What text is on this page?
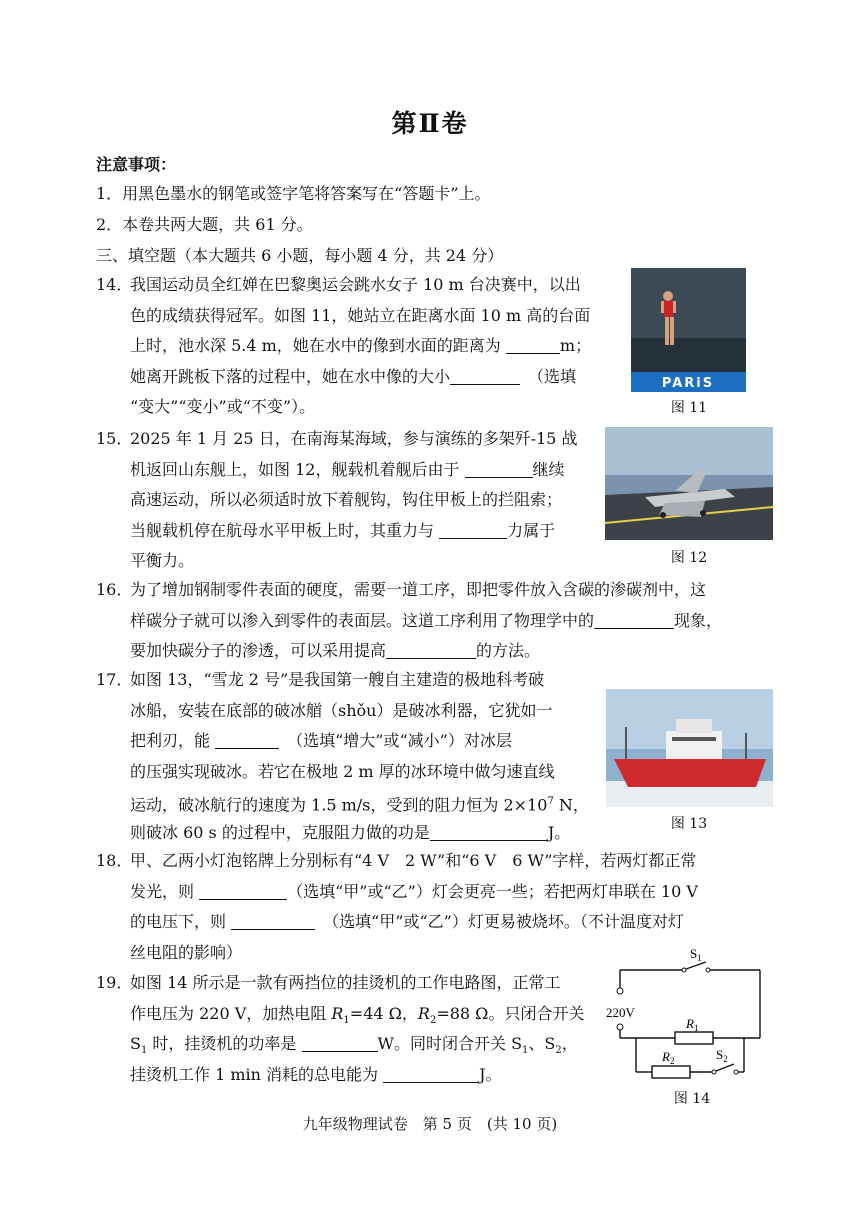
第Ⅱ卷
注意事项：
1．用黑色墨水的钢笔或签字笔将答案写在“答题卡”上。
2．本卷共两大题，共 61 分。
三、填空题（本大题共 6 小题，每小题 4 分，共 24 分）
14．
我国运动员全红婵在巴黎奥运会跳水女子 10 m 台决赛中，以出
色的成绩获得冠军。如图 11，她站立在距离水面 10 m 高的台面
上时，池水深 5.4 m，她在水中的像到水面的距离为	m；
她离开跳板下落的过程中，她在水中像的大小　	（选填
“变大”“变小”或“不变”）。
PARiS
图 11
15．
2025 年 1 月 25 日，在南海某海域，参与演练的多架歼-15 战
机返回山东舰上，如图 12，舰载机着舰后由于	继续
高速运动，所以必须适时放下着舰钩，钩住甲板上的拦阻索；
当舰载机停在航母水平甲板上时，其重力与	力属于
平衡力。	图 12
16．
为了增加钢制零件表面的硬度，需要一道工序，即把零件放入含碳的渗碳剂中，这
样碳分子就可以渗入到零件的表面层。这道工序利用了物理学中的	现象，
要加快碳分子的渗透，可以采用提高	的方法。
17．
如图 13，“雪龙 2 号”是我国第一艘自主建造的极地科考破
冰船，安装在底部的破冰艏（shǒu）是破冰利器，它犹如一
把利刃，能 　	（选填“增大”或“减小”）对冰层
的压强实现破冰。若它在极地 2 m 厚的冰环境中做匀速直线
运动，破冰航行的速度为 1.5 m/s，受到的阻力恒为 $2\times 10^7$ N，
则破冰 60 s 的过程中，克服阻力做的功是	J。	图 13
18．
甲、乙两小灯泡铭牌上分别标有“4 V　2 W”和“6 V　6 W”字样，若两灯都正常
发光，则	（选填“甲”或“乙”）灯会更亮一些；若把两灯串联在 10 V
的电压下，则 　	（选填“甲”或“乙”）灯更易被烧坏。（不计温度对灯
丝电阻的影响）
19．
如图 14 所示是一款有两挡位的挂烫机的工作电路图，正常工
作电压为 220 V，加热电阻 $R_1=44$ Ω，$R_2=88$ Ω。只闭合开关
$S_1$ 时，挂烫机的功率是	W。同时闭合开关 $S_1$、$S_2$，
挂烫机工作 1 min 消耗的总电能为	J。
$S_1$
220V
$R_1$
$R_2$	$S_2$
图 14
九年级物理试卷　第 5 页　(共 10 页)
